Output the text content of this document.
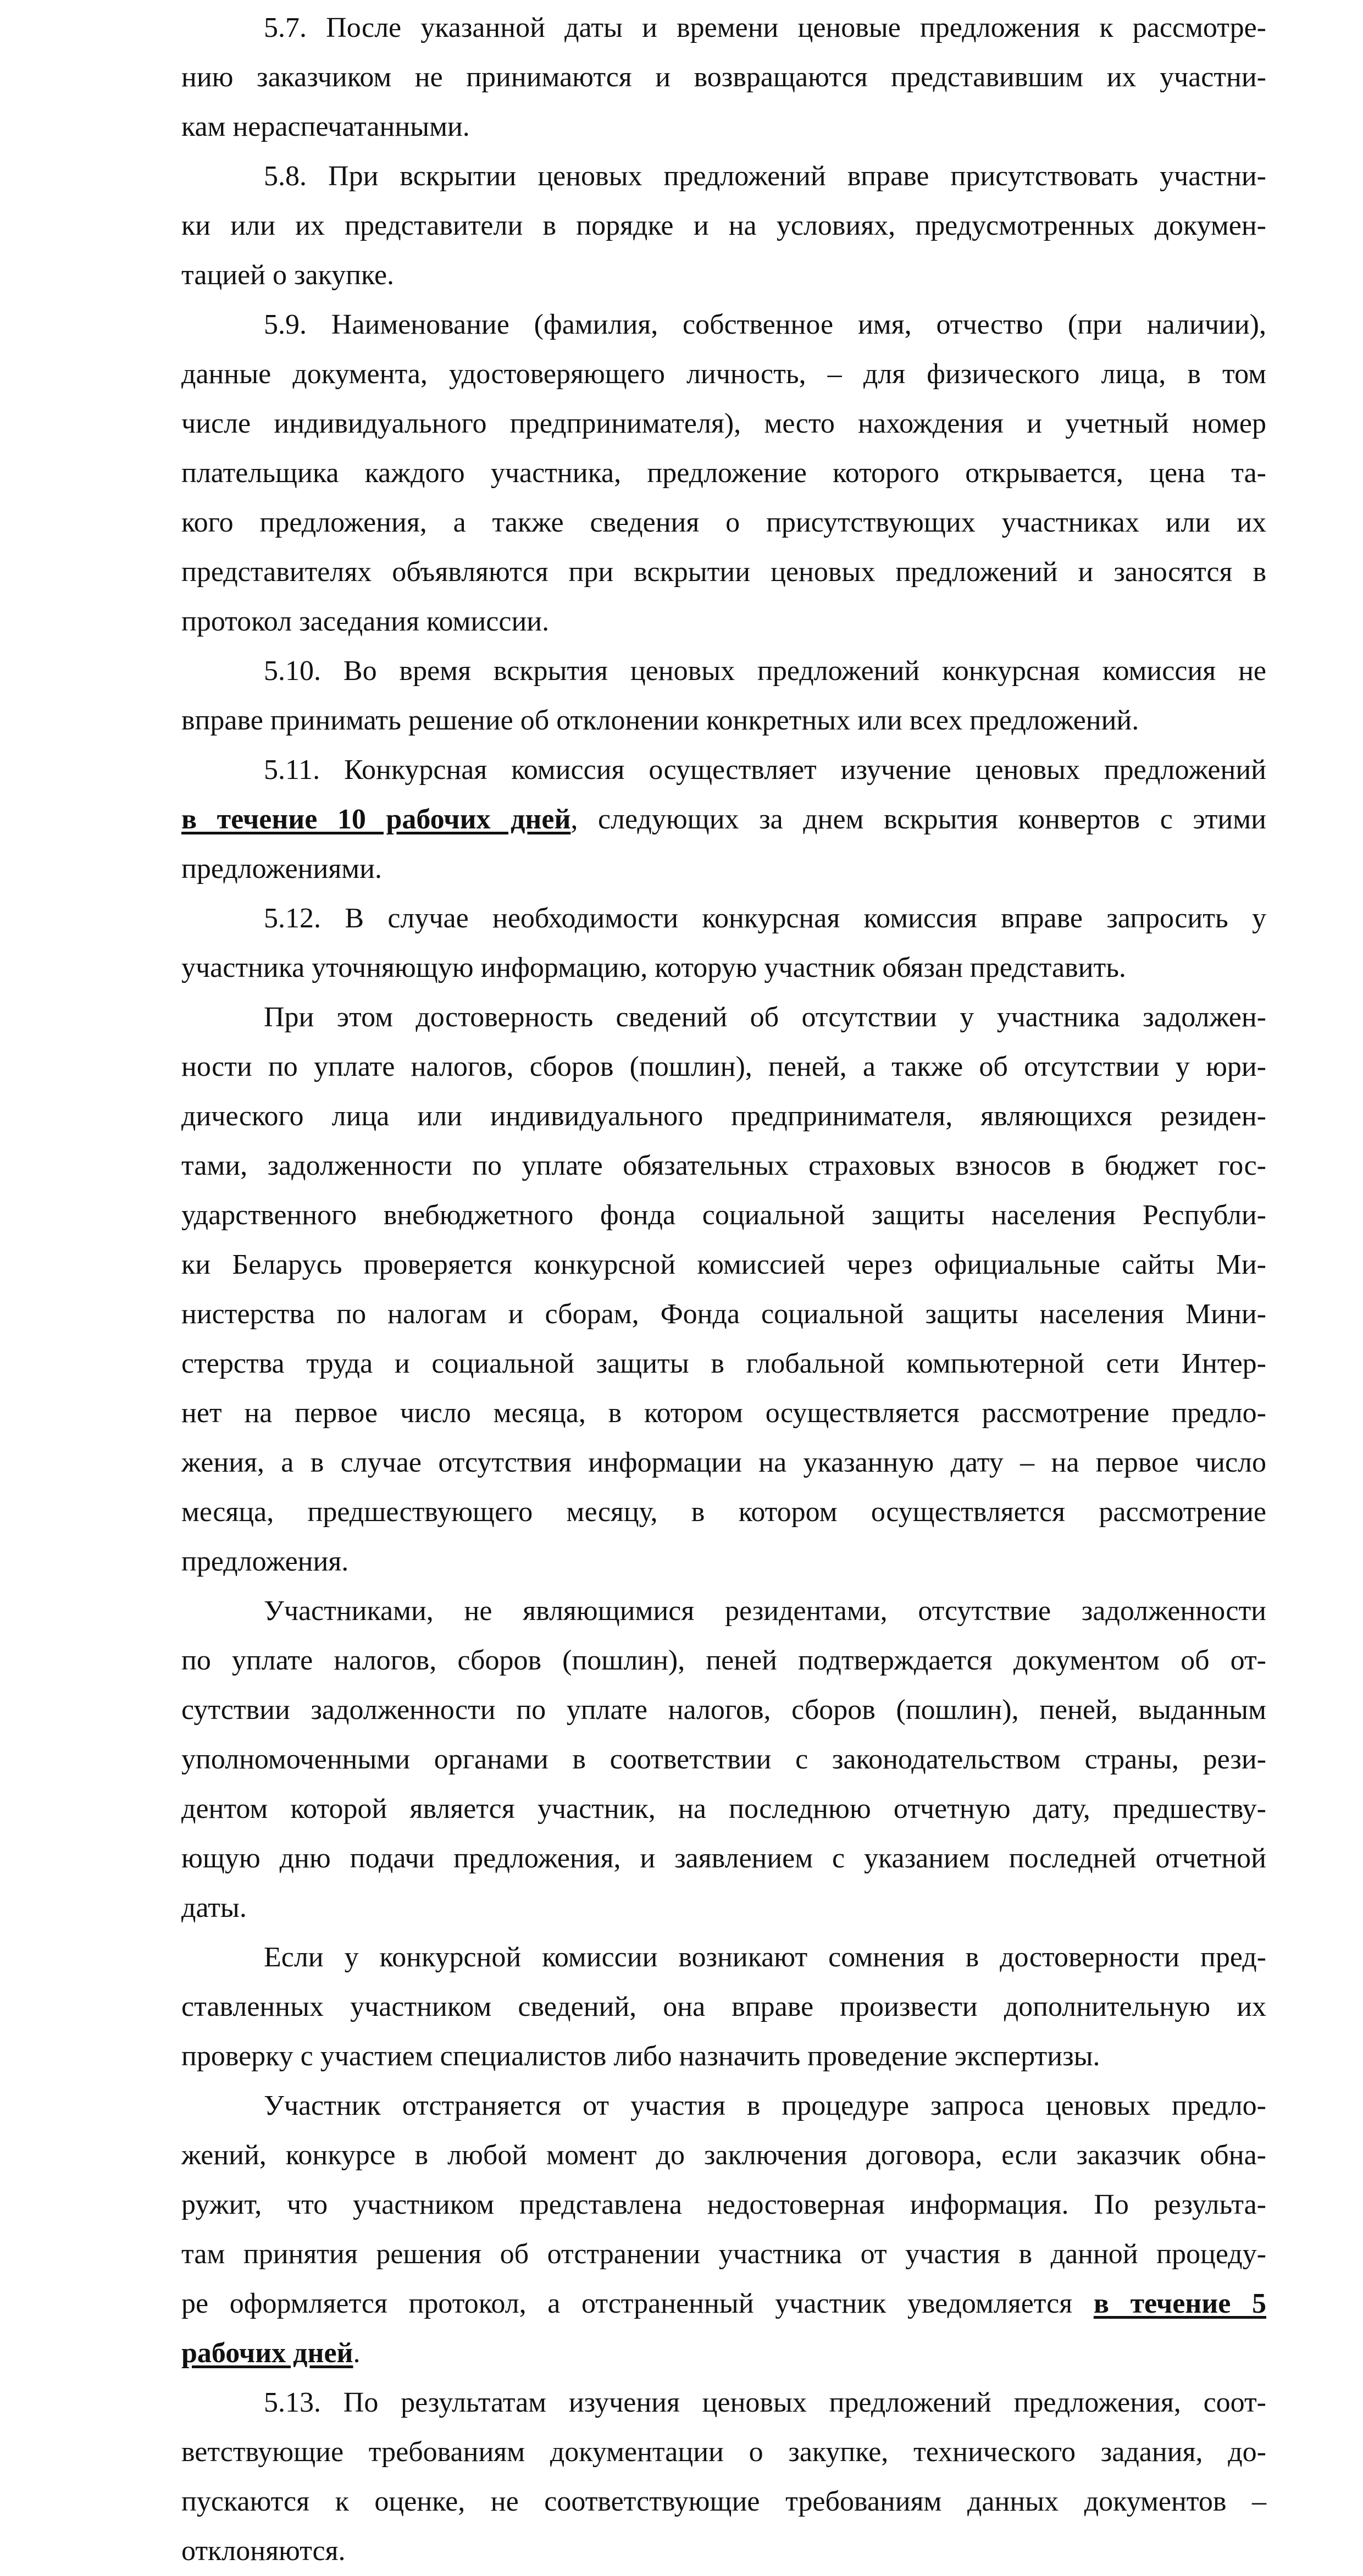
5.7. После указанной даты и времени ценовые предложения к рассмотре-
нию заказчиком не принимаются и возвращаются представившим их участни-
кам нераспечатанными.

5.8. При вскрытии ценовых предложений вправе присутствовать участни-
ки или их представители в порядке и на условиях, предусмотренных докумен-
тацией о закупке.

5.9. Наименование (фамилия, собственное имя, отчество (при наличии),
данные документа, удостоверяющего личность, – для физического лица, в том
числе индивидуального предпринимателя), место нахождения и учетный номер
плательщика каждого участника, предложение которого открывается, цена та-
кого предложения, а также сведения о присутствующих участниках или их
представителях объявляются при вскрытии ценовых предложений и заносятся в
протокол заседания комиссии.

5.10. Во время вскрытия ценовых предложений конкурсная комиссия не
вправе принимать решение об отклонении конкретных или всех предложений.

5.11. Конкурсная комиссия осуществляет изучение ценовых предложений
в течение 10 рабочих дней, следующих за днем вскрытия конвертов с этими
предложениями.

5.12. В случае необходимости конкурсная комиссия вправе запросить у
участника уточняющую информацию, которую участник обязан представить.

При этом достоверность сведений об отсутствии у участника задолжен-
ности по уплате налогов, сборов (пошлин), пеней, а также об отсутствии у юри-
дического лица или индивидуального предпринимателя, являющихся резиден-
тами, задолженности по уплате обязательных страховых взносов в бюджет гос-
ударственного внебюджетного фонда социальной защиты населения Республи-
ки Беларусь проверяется конкурсной комиссией через официальные сайты Ми-
нистерства по налогам и сборам, Фонда социальной защиты населения Мини-
стерства труда и социальной защиты в глобальной компьютерной сети Интер-
нет на первое число месяца, в котором осуществляется рассмотрение предло-
жения, а в случае отсутствия информации на указанную дату – на первое число
месяца, предшествующего месяцу, в котором осуществляется рассмотрение
предложения.

Участниками, не являющимися резидентами, отсутствие задолженности
по уплате налогов, сборов (пошлин), пеней подтверждается документом об от-
сутствии задолженности по уплате налогов, сборов (пошлин), пеней, выданным
уполномоченными органами в соответствии с законодательством страны, рези-
дентом которой является участник, на последнюю отчетную дату, предшеству-
ющую дню подачи предложения, и заявлением с указанием последней отчетной
даты.

Если у конкурсной комиссии возникают сомнения в достоверности пред-
ставленных участником сведений, она вправе произвести дополнительную их
проверку с участием специалистов либо назначить проведение экспертизы.

Участник отстраняется от участия в процедуре запроса ценовых предло-
жений, конкурсе в любой момент до заключения договора, если заказчик обна-
ружит, что участником представлена недостоверная информация. По результа-
там принятия решения об отстранении участника от участия в данной процеду-
ре оформляется протокол, а отстраненный участник уведомляется в течение 5
рабочих дней.

5.13. По результатам изучения ценовых предложений предложения, соот-
ветствующие требованиям документации о закупке, технического задания, до-
пускаются к оценке, не соответствующие требованиям данных документов –
отклоняются.
